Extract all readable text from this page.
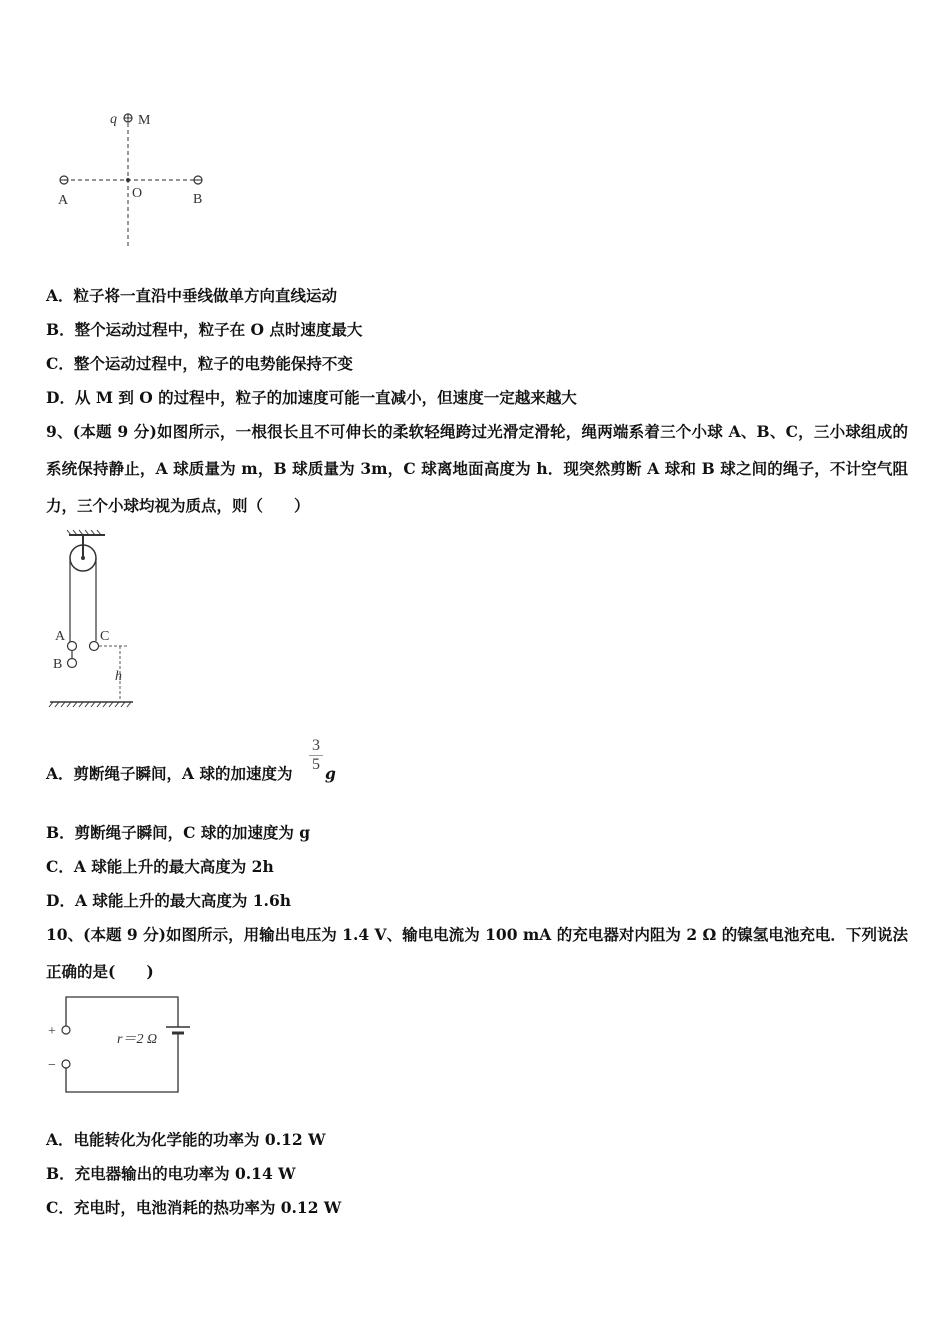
q M
O
A	B
A．粒子将一直沿中垂线做单方向直线运动
B．整个运动过程中，粒子在 O 点时速度最大
C．整个运动过程中，粒子的电势能保持不变
D．从 M 到 O 的过程中，粒子的加速度可能一直减小，但速度一定越来越大
9、(本题 9 分)如图所示，一根很长且不可伸长的柔软轻绳跨过光滑定滑轮，绳两端系着三个小球 A、B、C，三小球组成的系统保持静止，A 球质量为 m，B 球质量为 3m，C 球离地面高度为 h．现突然剪断 A 球和 B 球之间的绳子，不计空气阻力，三个小球均视为质点，则（　　）
A
B
C
h
A．剪断绳子瞬间，A 球的加速度为 $\frac{3}{5}$ g
B．剪断绳子瞬间，C 球的加速度为 g
C．A 球能上升的最大高度为 2h
D．A 球能上升的最大高度为 1.6h
10、(本题 9 分)如图所示，用输出电压为 1.4 V、输电电流为 100 mA 的充电器对内阻为 2 Ω 的镍氢电池充电．下列说法正确的是(　　)
+
−
r＝2 Ω
A．电能转化为化学能的功率为 0.12 W
B．充电器输出的电功率为 0.14 W
C．充电时，电池消耗的热功率为 0.12 W
